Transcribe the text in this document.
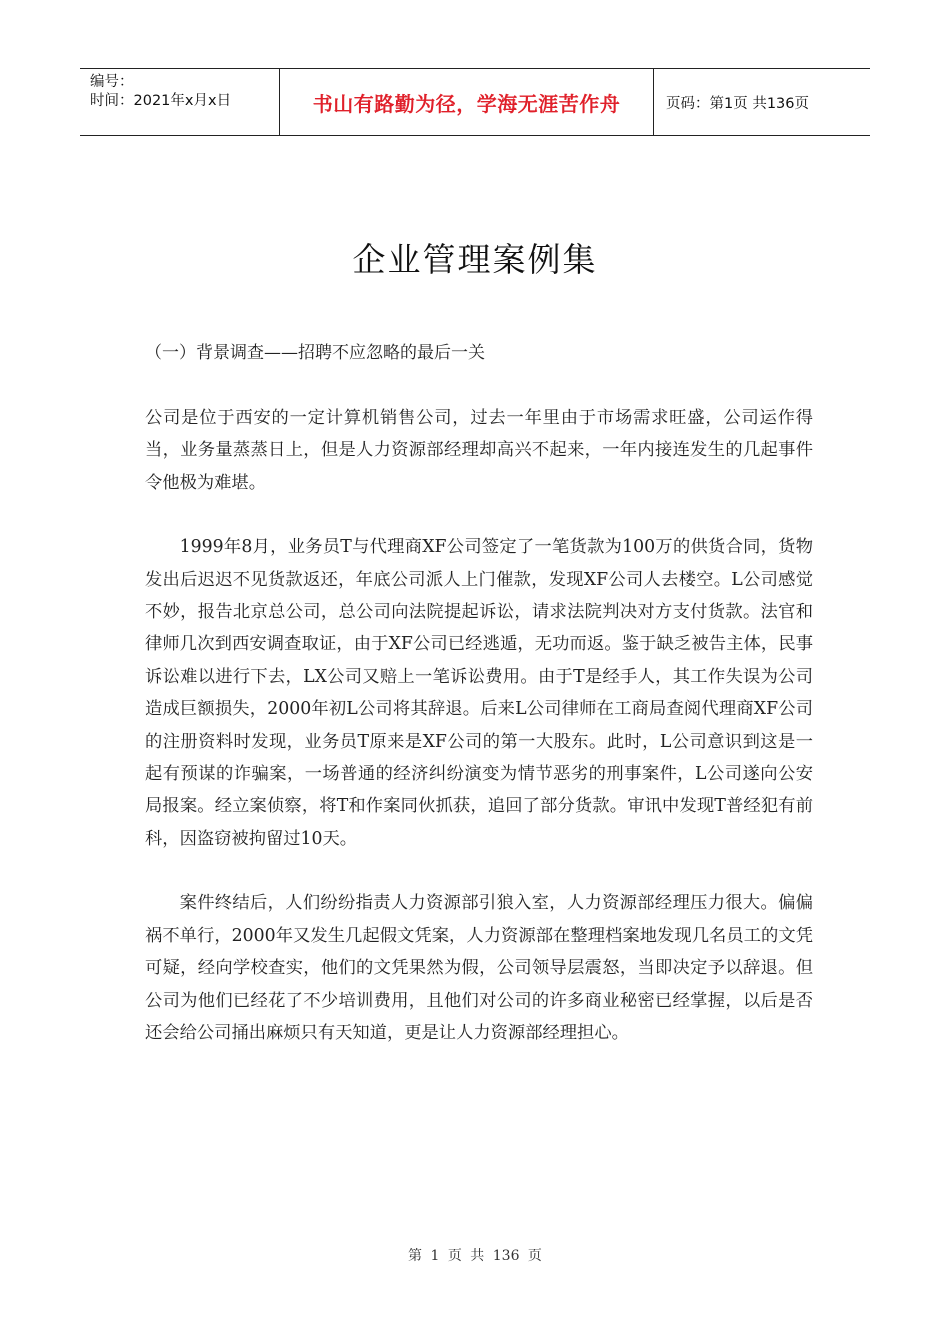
编号：
时间：2021年x月x日	书山有路勤为径，学海无涯苦作舟	页码：第1页 共136页
企业管理案例集
（一）背景调查——招聘不应忽略的最后一关

公司是位于西安的一定计算机销售公司，过去一年里由于市场需求旺盛，公司运作得当，业务量蒸蒸日上，但是人力资源部经理却高兴不起来，一年内接连发生的几起事件令他极为难堪。

1999年8月，业务员T与代理商XF公司签定了一笔货款为100万的供货合同，货物发出后迟迟不见货款返还，年底公司派人上门催款，发现XF公司人去楼空。L公司感觉不妙，报告北京总公司，总公司向法院提起诉讼，请求法院判决对方支付货款。法官和律师几次到西安调查取证，由于XF公司已经逃遁，无功而返。鉴于缺乏被告主体，民事诉讼难以进行下去，LX公司又赔上一笔诉讼费用。由于T是经手人，其工作失误为公司造成巨额损失，2000年初L公司将其辞退。后来L公司律师在工商局查阅代理商XF公司的注册资料时发现，业务员T原来是XF公司的第一大股东。此时，L公司意识到这是一起有预谋的诈骗案，一场普通的经济纠纷演变为情节恶劣的刑事案件，L公司遂向公安局报案。经立案侦察，将T和作案同伙抓获，追回了部分货款。审讯中发现T普经犯有前科，因盗窃被拘留过10天。

案件终结后，人们纷纷指责人力资源部引狼入室，人力资源部经理压力很大。偏偏祸不单行，2000年又发生几起假文凭案，人力资源部在整理档案地发现几名员工的文凭可疑，经向学校查实，他们的文凭果然为假，公司领导层震怒，当即决定予以辞退。但公司为他们已经花了不少培训费用，且他们对公司的许多商业秘密已经掌握，以后是否还会给公司捅出麻烦只有天知道，更是让人力资源部经理担心。

第 1 页 共 136 页
